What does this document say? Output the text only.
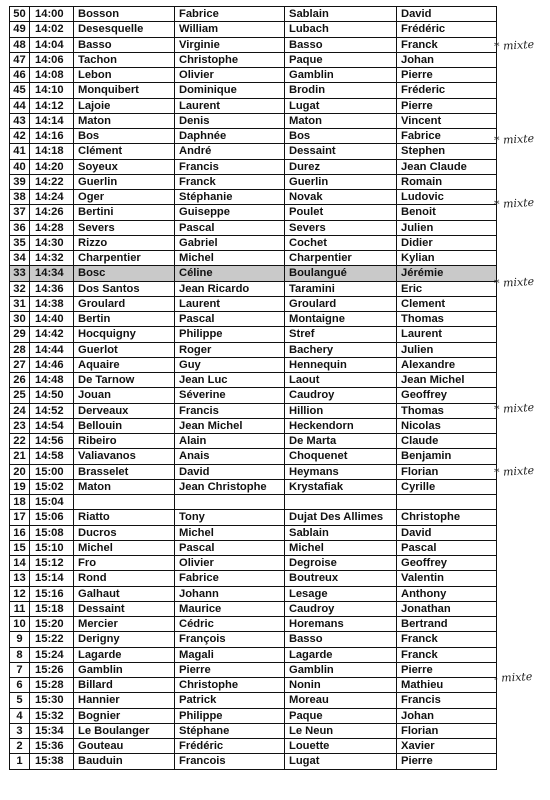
50	14:00	Bosson	Fabrice	Sablain	David
49	14:02	Desesquelle	William	Lubach	Frédéric
48	14:04	Basso	Virginie	Basso	Franck
47	14:06	Tachon	Christophe	Paque	Johan
46	14:08	Lebon	Olivier	Gamblin	Pierre
45	14:10	Monquibert	Dominique	Brodin	Fréderic
44	14:12	Lajoie	Laurent	Lugat	Pierre
43	14:14	Maton	Denis	Maton	Vincent
42	14:16	Bos	Daphnée	Bos	Fabrice
41	14:18	Clément	André	Dessaint	Stephen
40	14:20	Soyeux	Francis	Durez	Jean Claude
39	14:22	Guerlin	Franck	Guerlin	Romain
38	14:24	Oger	Stéphanie	Novak	Ludovic
37	14:26	Bertini	Guiseppe	Poulet	Benoit
36	14:28	Severs	Pascal	Severs	Julien
35	14:30	Rizzo	Gabriel	Cochet	Didier
34	14:32	Charpentier	Michel	Charpentier	Kylian
33	14:34	Bosc	Céline	Boulangué	Jérémie
32	14:36	Dos Santos	Jean Ricardo	Taramini	Eric
31	14:38	Groulard	Laurent	Groulard	Clement
30	14:40	Bertin	Pascal	Montaigne	Thomas
29	14:42	Hocquigny	Philippe	Stref	Laurent
28	14:44	Guerlot	Roger	Bachery	Julien
27	14:46	Aquaire	Guy	Hennequin	Alexandre
26	14:48	De Tarnow	Jean Luc	Laout	Jean Michel
25	14:50	Jouan	Séverine	Caudroy	Geoffrey
24	14:52	Derveaux	Francis	Hillion	Thomas
23	14:54	Bellouin	Jean Michel	Heckendorn	Nicolas
22	14:56	Ribeiro	Alain	De Marta	Claude
21	14:58	Valiavanos	Anais	Choquenet	Benjamin
20	15:00	Brasselet	David	Heymans	Florian
19	15:02	Maton	Jean Christophe	Krystafiak	Cyrille
18	15:04				
17	15:06	Riatto	Tony	Dujat Des Allimes	Christophe
16	15:08	Ducros	Michel	Sablain	David
15	15:10	Michel	Pascal	Michel	Pascal
14	15:12	Fro	Olivier	Degroise	Geoffrey
13	15:14	Rond	Fabrice	Boutreux	Valentin
12	15:16	Galhaut	Johann	Lesage	Anthony
11	15:18	Dessaint	Maurice	Caudroy	Jonathan
10	15:20	Mercier	Cédric	Horemans	Bertrand
9	15:22	Derigny	François	Basso	Franck
8	15:24	Lagarde	Magali	Lagarde	Franck
7	15:26	Gamblin	Pierre	Gamblin	Pierre
6	15:28	Billard	Christophe	Nonin	Mathieu
5	15:30	Hannier	Patrick	Moreau	Francis
4	15:32	Bognier	Philippe	Paque	Johan
3	15:34	Le Boulanger	Stéphane	Le Neun	Florian
2	15:36	Gouteau	Frédéric	Louette	Xavier
1	15:38	Bauduin	Francois	Lugat	Pierre
* mixte
* mixte
* mixte
* mixte
* mixte
* mixte
- mixte
